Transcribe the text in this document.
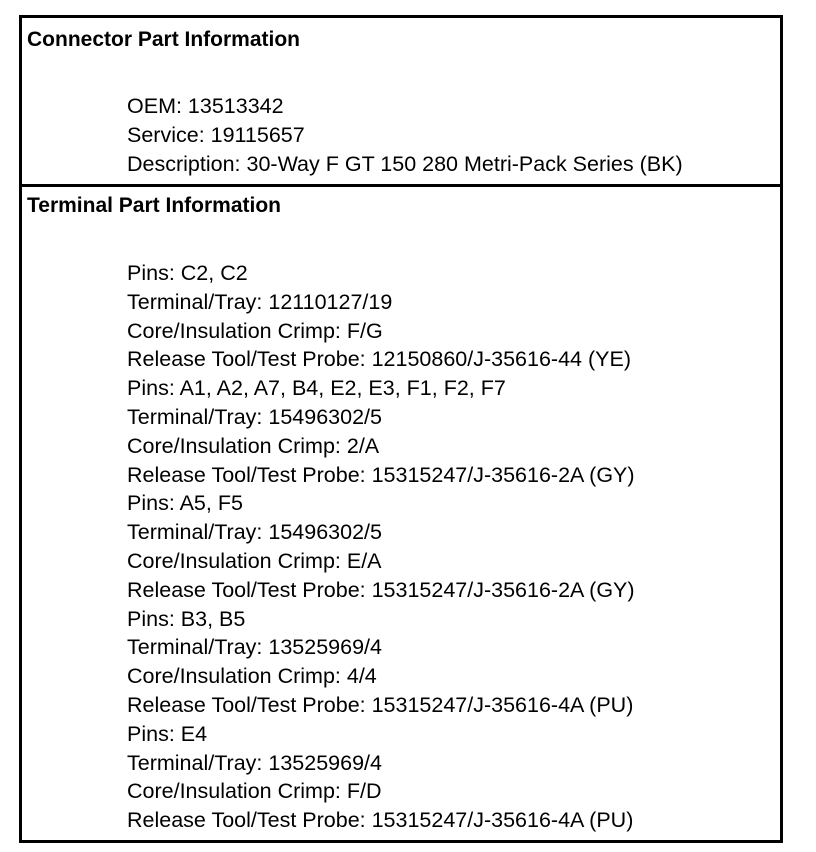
Connector Part Information
OEM: 13513342
Service: 19115657
Description: 30-Way F GT 150 280 Metri-Pack Series (BK)
Terminal Part Information
Pins: C2, C2
Terminal/Tray: 12110127/19
Core/Insulation Crimp: F/G
Release Tool/Test Probe: 12150860/J-35616-44 (YE)
Pins: A1, A2, A7, B4, E2, E3, F1, F2, F7
Terminal/Tray: 15496302/5
Core/Insulation Crimp: 2/A
Release Tool/Test Probe: 15315247/J-35616-2A (GY)
Pins: A5, F5
Terminal/Tray: 15496302/5
Core/Insulation Crimp: E/A
Release Tool/Test Probe: 15315247/J-35616-2A (GY)
Pins: B3, B5
Terminal/Tray: 13525969/4
Core/Insulation Crimp: 4/4
Release Tool/Test Probe: 15315247/J-35616-4A (PU)
Pins: E4
Terminal/Tray: 13525969/4
Core/Insulation Crimp: F/D
Release Tool/Test Probe: 15315247/J-35616-4A (PU)
